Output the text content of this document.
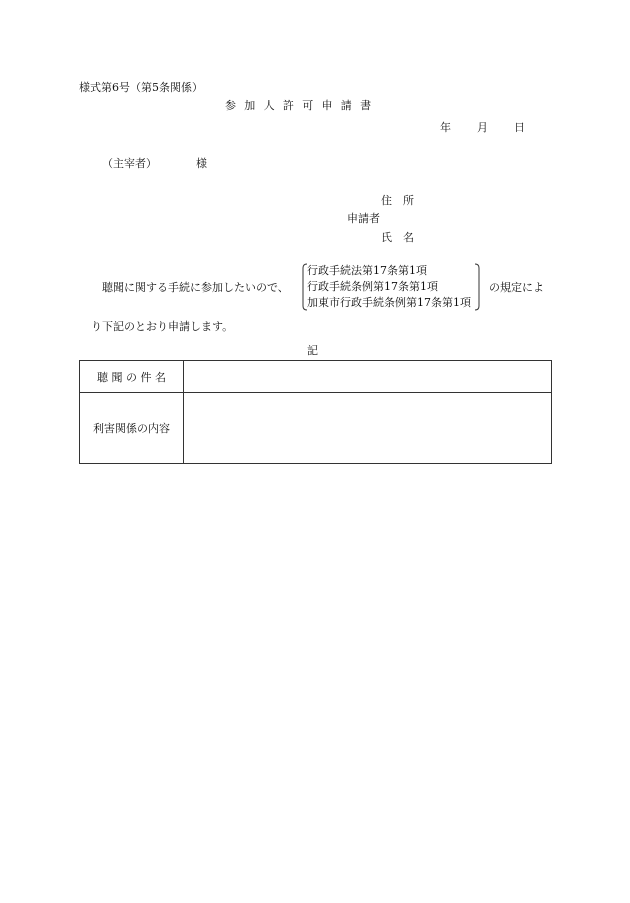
様式第6号（第5条関係）
参加人許可申請書
年 月 日
（主宰者）	様
住　所
申請者
氏　名
聴聞に関する手続に参加したいので、
行政手続法第17条第1項
行政手続条例第17条第1項
加東市行政手続条例第17条第1項
の規定によ
り下記のとおり申請します。
記
聴 聞 の 件 名	
利害関係の内容	
